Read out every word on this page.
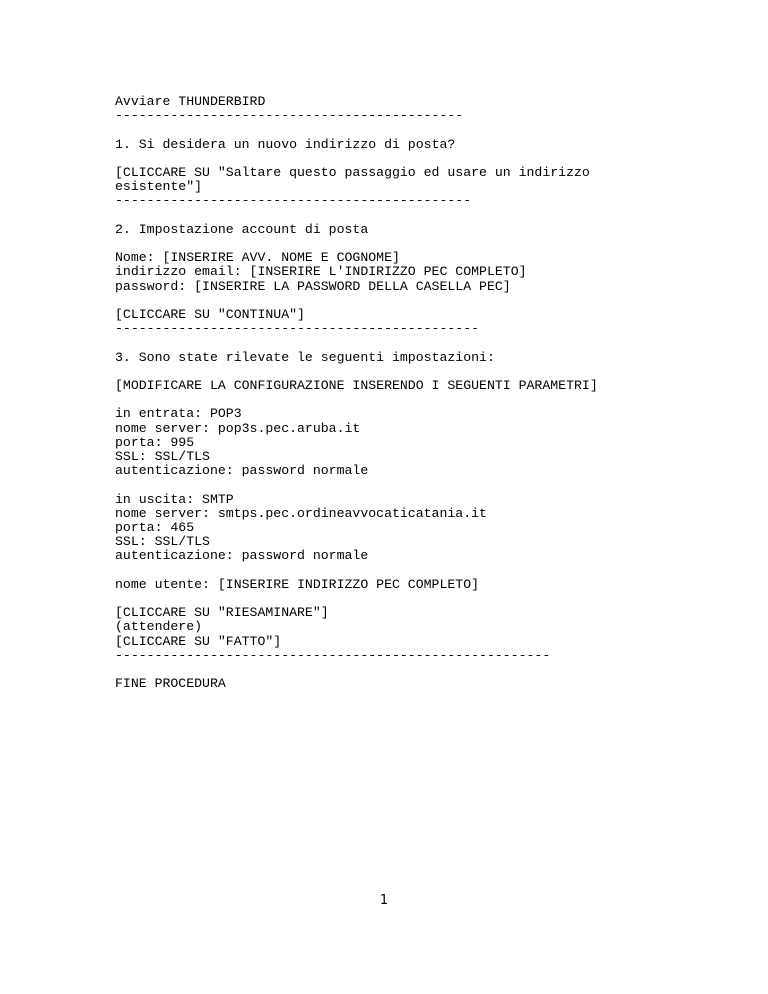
Avviare THUNDERBIRD
--------------------------------------------
1. Si desidera un nuovo indirizzo di posta?
[CLICCARE SU "Saltare questo passaggio ed usare un indirizzo
esistente"]
---------------------------------------------
2. Impostazione account di posta
Nome: [INSERIRE AVV. NOME E COGNOME]
indirizzo email: [INSERIRE L'INDIRIZZO PEC COMPLETO]
password: [INSERIRE LA PASSWORD DELLA CASELLA PEC]
[CLICCARE SU "CONTINUA"]
----------------------------------------------
3. Sono state rilevate le seguenti impostazioni:
[MODIFICARE LA CONFIGURAZIONE INSERENDO I SEGUENTI PARAMETRI]
in entrata: POP3
nome server: pop3s.pec.aruba.it
porta: 995
SSL: SSL/TLS
autenticazione: password normale
in uscita: SMTP
nome server: smtps.pec.ordineavvocaticatania.it
porta: 465
SSL: SSL/TLS
autenticazione: password normale
nome utente: [INSERIRE INDIRIZZO PEC COMPLETO]
[CLICCARE SU "RIESAMINARE"]
(attendere)
[CLICCARE SU "FATTO"]
-------------------------------------------------------
FINE PROCEDURA
1
